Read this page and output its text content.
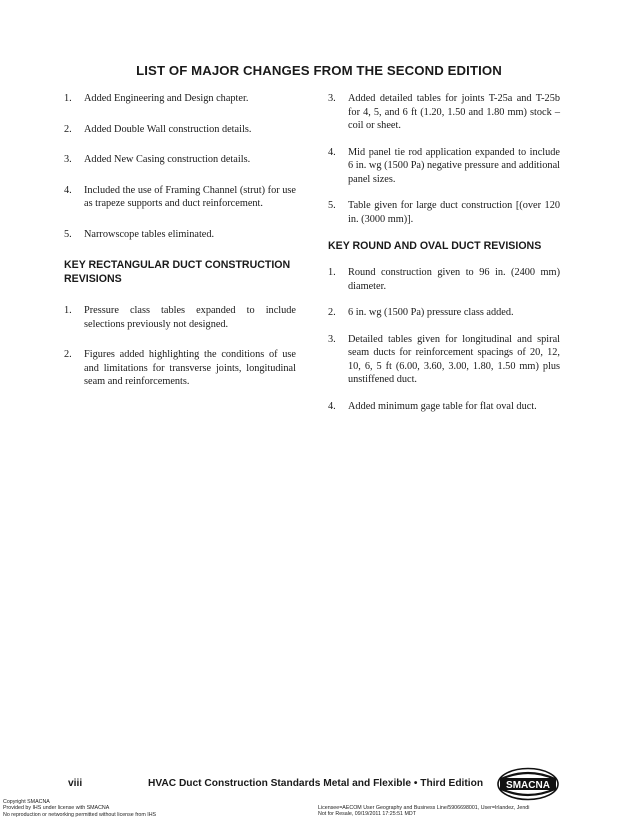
LIST OF MAJOR CHANGES FROM THE SECOND EDITION
1.	Added Engineering and Design chapter.
2.	Added Double Wall construction details.
3.	Added New Casing construction details.
4.	Included the use of Framing Channel (strut) for use as trapeze supports and duct reinforcement.
5.	Narrowscope tables eliminated.
KEY RECTANGULAR DUCT CONSTRUCTION REVISIONS
1.	Pressure class tables expanded to include selections previously not designed.
2.	Figures added highlighting the conditions of use and limitations for transverse joints, longitudinal seam and reinforcements.
3.	Added detailed tables for joints T-25a and T-25b for 4, 5, and 6 ft (1.20, 1.50 and 1.80 mm) stock – coil or sheet.
4.	Mid panel tie rod application expanded to include 6 in. wg (1500 Pa) negative pressure and additional panel sizes.
5.	Table given for large duct construction [(over 120 in. (3000 mm)].
KEY ROUND AND OVAL DUCT REVISIONS
1.	Round construction given to 96 in. (2400 mm) diameter.
2.	6 in. wg (1500 Pa) pressure class added.
3.	Detailed tables given for longitudinal and spiral seam ducts for reinforcement spacings of 20, 12, 10, 6, 5 ft (6.00, 3.60, 3.00, 1.80, 1.50 mm) plus unstiffened duct.
4.	Added minimum gage table for flat oval duct.
viii	HVAC Duct Construction Standards Metal and Flexible • Third Edition SMACNA
Copyright SMACNA
Provided by IHS under license with SMACNA
No reproduction or networking permitted without license from IHS
Licensee=AECOM User Geography and Business Line/5906698001, User=Irlandez, Jendi
Not for Resale, 09/19/2011 17:25:51 MDT
